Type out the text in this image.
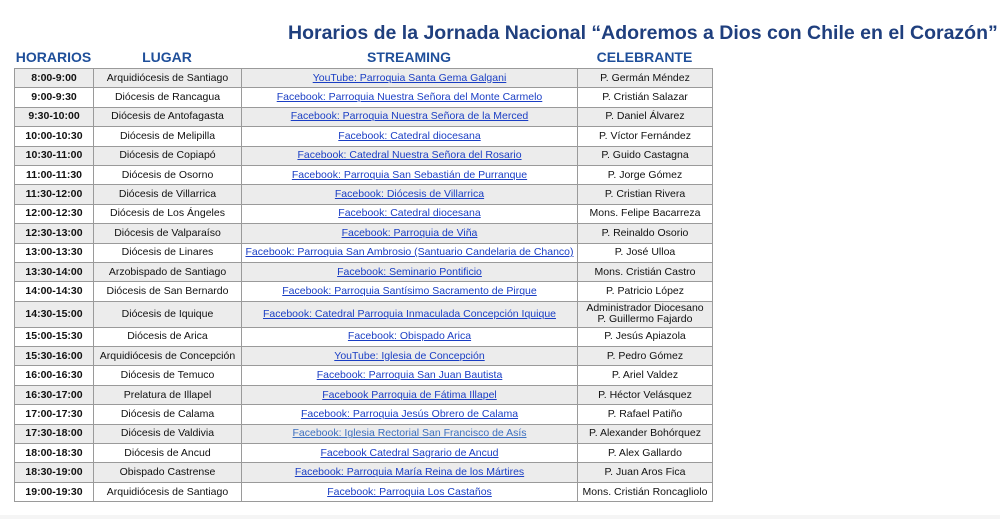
Horarios de la Jornada Nacional “Adoremos a Dios con Chile en el Corazón”
HORARIOS	LUGAR	STREAMING	CELEBRANTE
8:00-9:00	Arquidiócesis de Santiago	YouTube: Parroquia Santa Gema Galgani	P. Germán Méndez
9:00-9:30	Diócesis de Rancagua	Facebook: Parroquia Nuestra Señora del Monte Carmelo	P. Cristián Salazar
9:30-10:00	Diócesis de Antofagasta	Facebook: Parroquia Nuestra Señora de la Merced	P. Daniel Álvarez
10:00-10:30	Diócesis de Melipilla	Facebook: Catedral diocesana	P. Víctor Fernández
10:30-11:00	Diócesis de Copiapó	Facebook: Catedral Nuestra Señora del Rosario	P. Guido Castagna
11:00-11:30	Diócesis de Osorno	Facebook: Parroquia San Sebastián de Purranque	P. Jorge Gómez
11:30-12:00	Diócesis de Villarrica	Facebook: Diócesis de Villarrica	P. Cristian Rivera
12:00-12:30	Diócesis de Los Ángeles	Facebook: Catedral diocesana	Mons. Felipe Bacarreza
12:30-13:00	Diócesis de Valparaíso	Facebook: Parroquia de Viña	P. Reinaldo Osorio
13:00-13:30	Diócesis de Linares	Facebook: Parroquia San Ambrosio (Santuario Candelaria de Chanco)	P. José Ulloa
13:30-14:00	Arzobispado de Santiago	Facebook: Seminario Pontificio	Mons. Cristián Castro
14:00-14:30	Diócesis de San Bernardo	Facebook: Parroquia Santísimo Sacramento de Pirque	P. Patricio López
14:30-15:00	Diócesis de Iquique	Facebook: Catedral Parroquia Inmaculada Concepción Iquique	Administrador Diocesano
P. Guillermo Fajardo

15:00-15:30	Diócesis de Arica	Facebook: Obispado Arica	P. Jesús Apiazola
15:30-16:00	Arquidiócesis de Concepción	YouTube: Iglesia de Concepción	P. Pedro Gómez
16:00-16:30	Diócesis de Temuco	Facebook: Parroquia San Juan Bautista	P. Ariel Valdez
16:30-17:00	Prelatura de Illapel	Facebook Parroquia de Fátima Illapel	P. Héctor Velásquez
17:00-17:30	Diócesis de Calama	Facebook: Parroquia Jesús Obrero de Calama	P. Rafael Patiño
17:30-18:00	Diócesis de Valdivia	Facebook: Iglesia Rectorial San Francisco de Asís	P. Alexander Bohórquez
18:00-18:30	Diócesis de Ancud	Facebook Catedral Sagrario de Ancud	P. Alex Gallardo
18:30-19:00	Obispado Castrense	Facebook: Parroquia María Reina de los Mártires	P. Juan Aros Fica
19:00-19:30	Arquidiócesis de Santiago	Facebook: Parroquia Los Castaños	Mons. Cristián Roncagliolo
